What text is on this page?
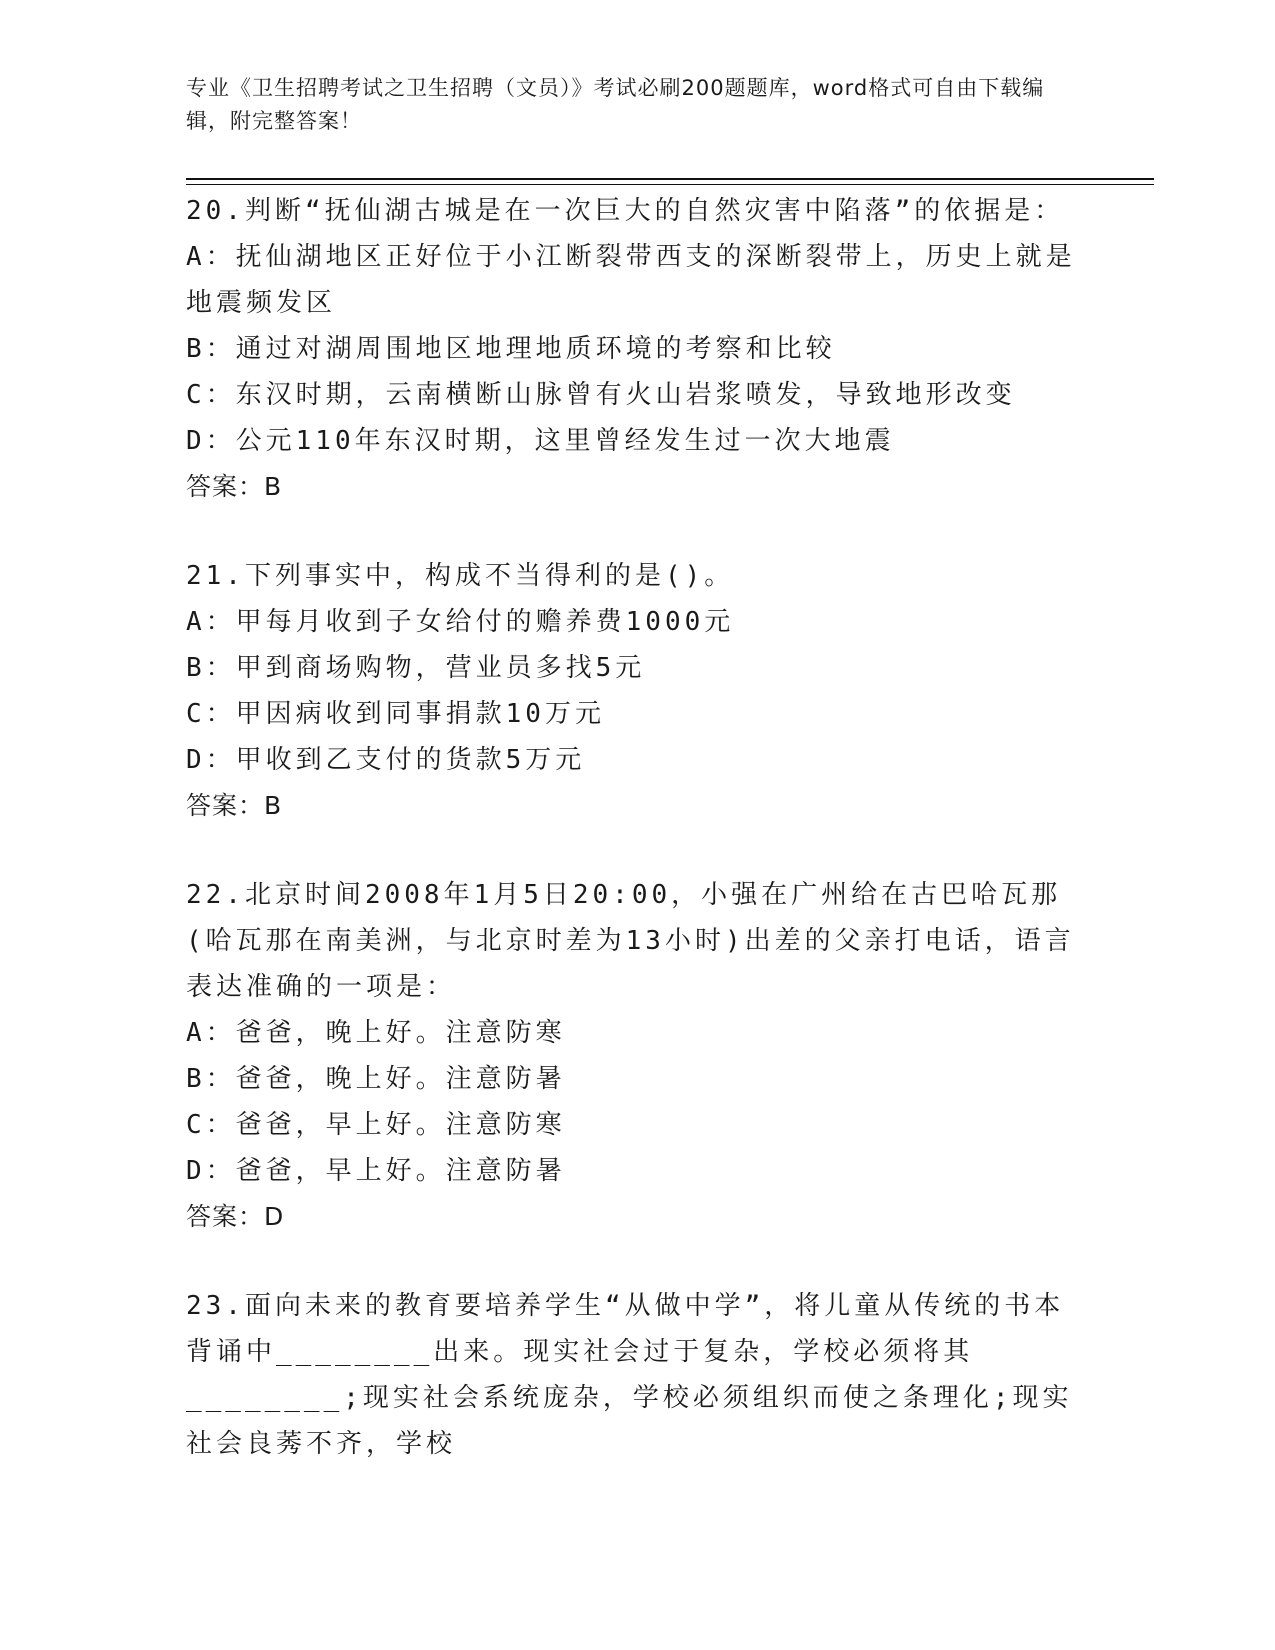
专业《卫生招聘考试之卫生招聘（文员）》考试必刷200题题库，word格式可自由下载编辑，附完整答案！
20.判断“抚仙湖古城是在一次巨大的自然灾害中陷落”的依据是：
A：抚仙湖地区正好位于小江断裂带西支的深断裂带上，历史上就是地震频发区
B：通过对湖周围地区地理地质环境的考察和比较
C：东汉时期，云南横断山脉曾有火山岩浆喷发，导致地形改变
D：公元110年东汉时期，这里曾经发生过一次大地震
答案：B
21.下列事实中，构成不当得利的是()。
A：甲每月收到子女给付的赡养费1000元
B：甲到商场购物，营业员多找5元
C：甲因病收到同事捐款10万元
D：甲收到乙支付的货款5万元
答案：B
22.北京时间2008年1月5日20:00，小强在广州给在古巴哈瓦那(哈瓦那在南美洲，与北京时差为13小时)出差的父亲打电话，语言表达准确的一项是：
A：爸爸，晚上好。注意防寒
B：爸爸，晚上好。注意防暑
C：爸爸，早上好。注意防寒
D：爸爸，早上好。注意防暑
答案：D
23.面向未来的教育要培养学生“从做中学”，将儿童从传统的书本背诵中________出来。现实社会过于复杂，学校必须将其________;现实社会系统庞杂，学校必须组织而使之条理化;现实社会良莠不齐，学校
